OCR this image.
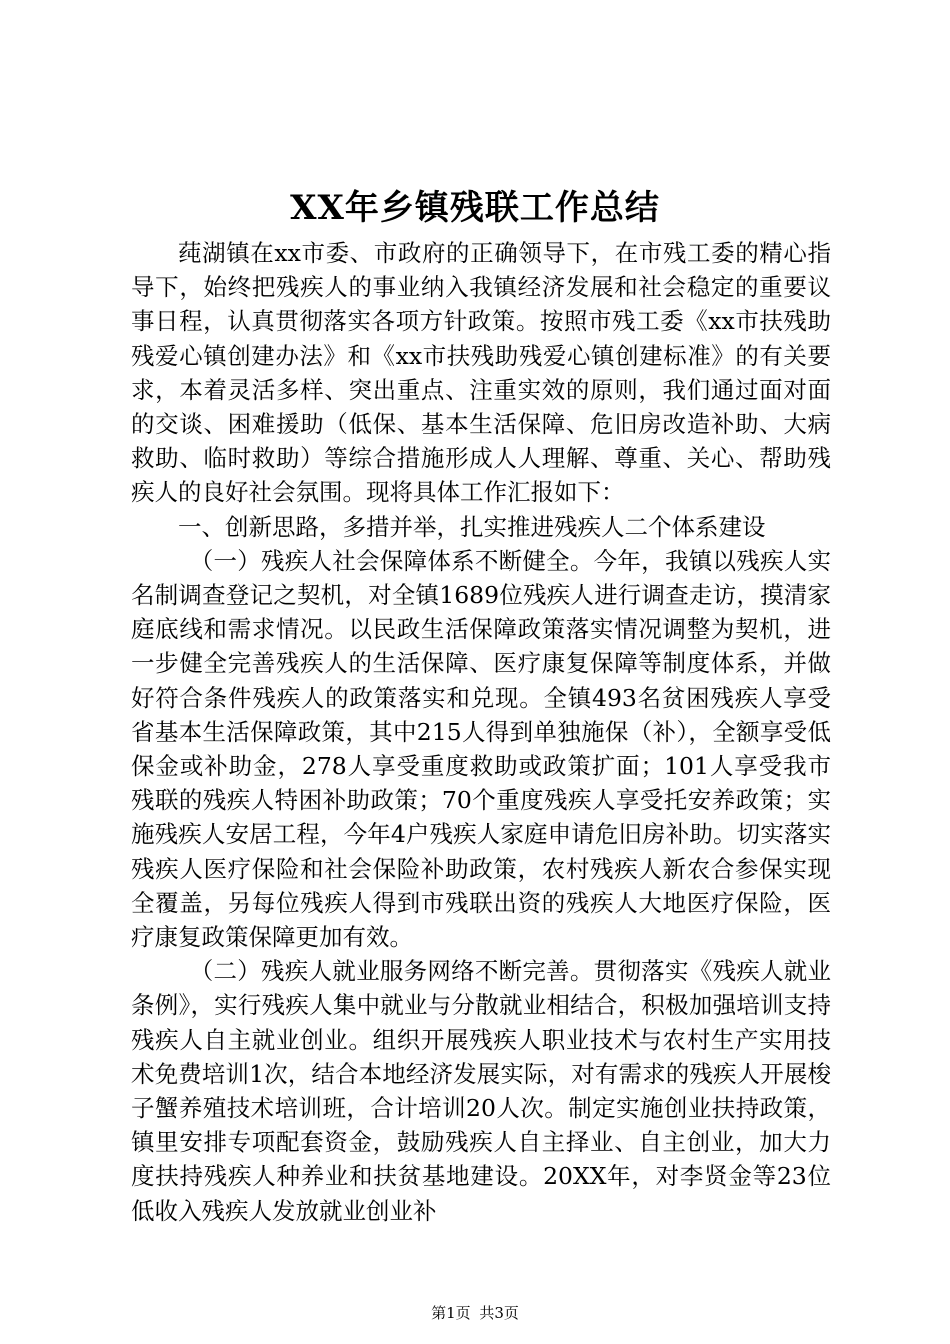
XX年乡镇残联工作总结

莼湖镇在xx市委、市政府的正确领导下，在市残工委的精心指导下，始终把残疾人的事业纳入我镇经济发展和社会稳定的重要议事日程，认真贯彻落实各项方针政策。按照市残工委《xx市扶残助残爱心镇创建办法》和《xx市扶残助残爱心镇创建标准》的有关要求，本着灵活多样、突出重点、注重实效的原则，我们通过面对面的交谈、困难援助（低保、基本生活保障、危旧房改造补助、大病救助、临时救助）等综合措施形成人人理解、尊重、关心、帮助残疾人的良好社会氛围。现将具体工作汇报如下：

一、创新思路，多措并举，扎实推进残疾人二个体系建设

（一）残疾人社会保障体系不断健全。今年，我镇以残疾人实名制调查登记之契机，对全镇1689位残疾人进行调查走访，摸清家庭底线和需求情况。以民政生活保障政策落实情况调整为契机，进一步健全完善残疾人的生活保障、医疗康复保障等制度体系，并做好符合条件残疾人的政策落实和兑现。全镇493名贫困残疾人享受省基本生活保障政策，其中215人得到单独施保（补），全额享受低保金或补助金，278人享受重度救助或政策扩面；101人享受我市残联的残疾人特困补助政策；70个重度残疾人享受托安养政策；实施残疾人安居工程，今年4户残疾人家庭申请危旧房补助。切实落实残疾人医疗保险和社会保险补助政策，农村残疾人新农合参保实现全覆盖，另每位残疾人得到市残联出资的残疾人大地医疗保险，医疗康复政策保障更加有效。

（二）残疾人就业服务网络不断完善。贯彻落实《残疾人就业条例》，实行残疾人集中就业与分散就业相结合，积极加强培训支持残疾人自主就业创业。组织开展残疾人职业技术与农村生产实用技术免费培训1次，结合本地经济发展实际，对有需求的残疾人开展梭子蟹养殖技术培训班，合计培训20人次。制定实施创业扶持政策，镇里安排专项配套资金，鼓励残疾人自主择业、自主创业，加大力度扶持残疾人种养业和扶贫基地建设。20XX年，对李贤金等23位低收入残疾人发放就业创业补

第1页 共3页
